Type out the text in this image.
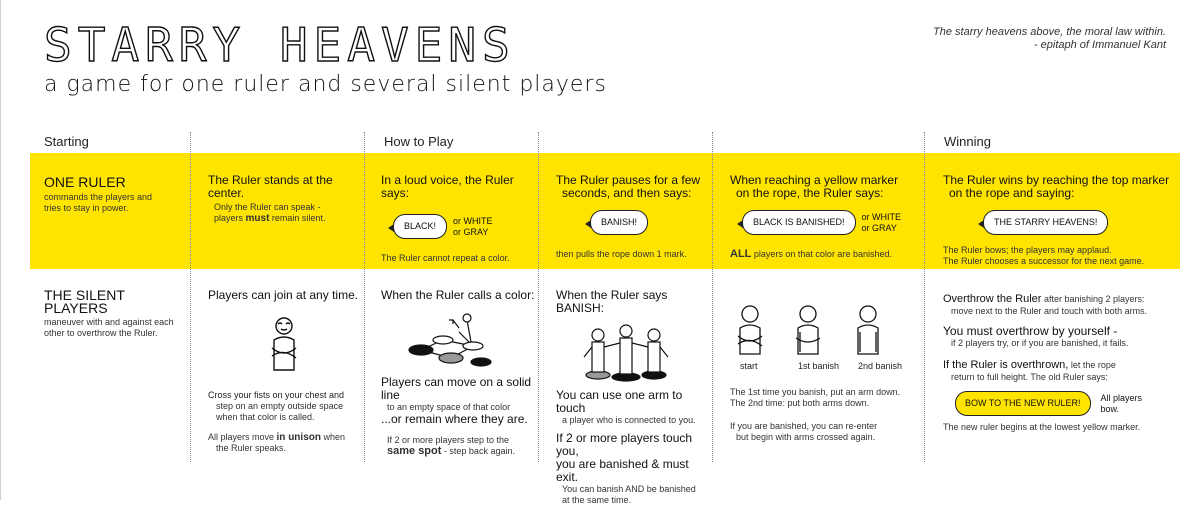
STARRY HEAVENS
a game for one ruler and several silent players
The starry heavens above, the moral law within.
- epitaph of Immanuel Kant
Starting	How to Play	Winning
ONE RULER
commands the players and tries to stay in power.
The Ruler stands at the center.
Only the Ruler can speak -
players must remain silent.
In a loud voice, the Ruler says:
BLACK!
or WHITE
or GRAY
The Ruler cannot repeat a color.
The Ruler pauses for a few
seconds, and then says:
BANISH!
then pulls the rope down 1 mark.
When reaching a yellow marker
on the rope, the Ruler says:
BLACK IS BANISHED!
or WHITE
or GRAY
ALL players on that color are banished.
The Ruler wins by reaching the top marker
on the rope and saying:
THE STARRY HEAVENS!
The Ruler bows; the players may applaud.
The Ruler chooses a successor for the next game.
THE SILENT
PLAYERS
maneuver with and against each
other to overthrow the Ruler.
Players can join at any time.
Cross your fists on your chest and
step on an empty outside space
when that color is called.
All players move in unison when
the Ruler speaks.
When the Ruler calls a color:
Players can move on a solid line
to an empty space of that color
...or remain where they are.
If 2 or more players step to the
same spot - step back again.
When the Ruler says BANISH:
You can use one arm to touch
a player who is connected to you.
If 2 or more players touch you,
you are banished & must exit.
You can banish AND be banished
at the same time.
start	1st banish	2nd banish
The 1st time you banish, put an arm down.
The 2nd time: put both arms down.
If you are banished, you can re-enter
but begin with arms crossed again.
Overthrow the Ruler after banishing 2 players:
move next to the Ruler and touch with both arms.
You must overthrow by yourself -
if 2 players try, or if you are banished, it fails.
If the Ruler is overthrown, let the rope
return to full height. The old Ruler says:
BOW TO THE NEW RULER!
All players
bow.
The new ruler begins at the lowest yellow marker.
